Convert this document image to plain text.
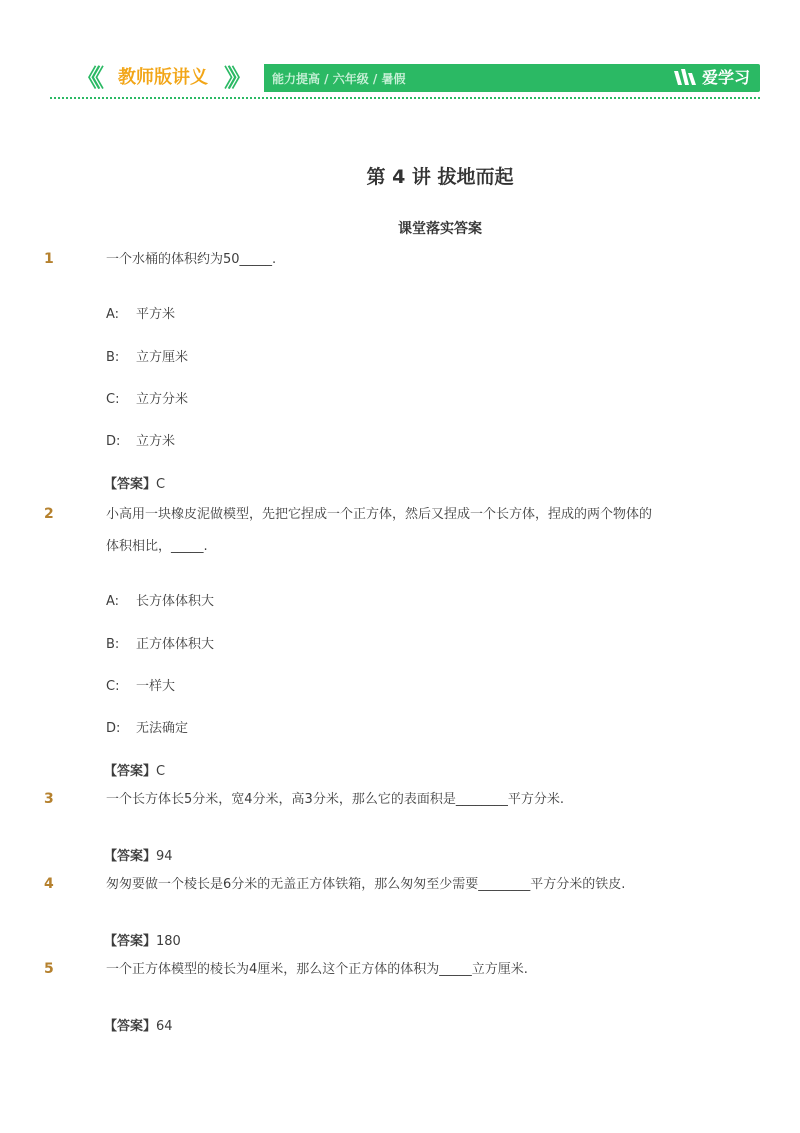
《《 教师版讲义 》》 能力提高 / 六年级 / 暑假	爱学习
第 4 讲 拔地而起
课堂落实答案
1	一个水桶的体积约为50_____.
A: 平方米
B: 立方厘米
C: 立方分米
D: 立方米
【答案】C
2	小高用一块橡皮泥做模型，先把它捏成一个正方体，然后又捏成一个长方体，捏成的两个物体的
体积相比，_____.
A: 长方体体积大
B: 正方体体积大
C: 一样大
D: 无法确定
【答案】C
3	一个长方体长5分米，宽4分米，高3分米，那么它的表面积是________平方分米.
【答案】94
4	匆匆要做一个棱长是6分米的无盖正方体铁箱，那么匆匆至少需要________平方分米的铁皮.
【答案】180
5	一个正方体模型的棱长为4厘米，那么这个正方体的体积为_____立方厘米.
【答案】64
